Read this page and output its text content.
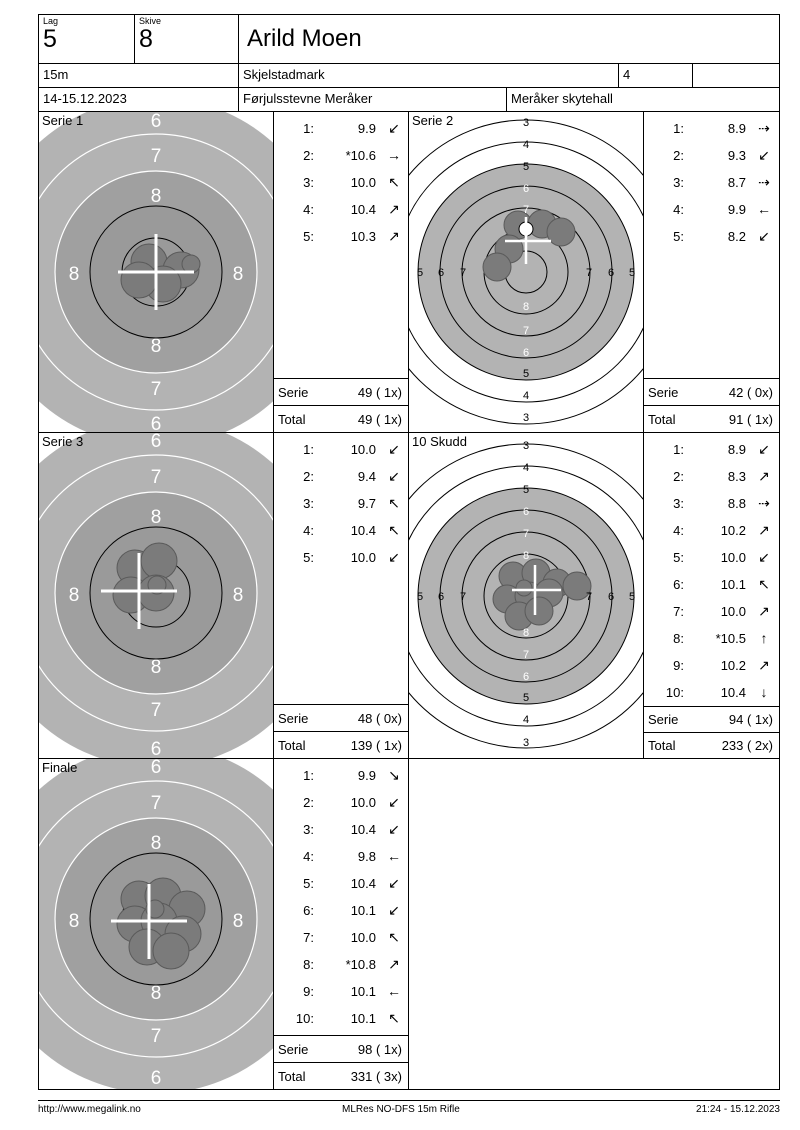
Lag
5
Skive
8	Arild Moen
15m	Skjelstadmark	4
14-15.12.2023	Førjulsstevne Meråker	Meråker skytehall
6
7
8
8	8
8
7
6
Serie 1
1:	9.9 ↙
2:	*10.6 →
3:	10.0 ↖
4:	10.4 ↗
5:	10.3 ↗
Serie	49 ( 1x)
Total	49 ( 1x)
3
4
5
6
7
8
8
7
6
5
4
3
5 6 7	7 6 5
Serie 2
1:	8.9 ⇢
2:	9.3 ↙
3:	8.7 ⇢
4:	9.9 ←
5:	8.2 ↙
Serie	42 ( 0x)
Total	91 ( 1x)
6
7
8
8	8
8
7
6
Serie 3
1:	10.0 ↙
2:	9.4 ↙
3:	9.7 ↖
4:	10.4 ↖
5:	10.0 ↙
Serie	48 ( 0x)
Total	139 ( 1x)
3
4
5
6
7
8
8
7
6
5
4
3
5 6 7	7 6 5
10 Skudd
1:	8.9 ↙
2:	8.3 ↗
3:	8.8 ⇢
4:	10.2 ↗
5:	10.0 ↙
6:	10.1 ↖
7:	10.0 ↗
8:	*10.5	↑
9:	10.2 ↗
10:	10.4	↓
Serie	94 ( 1x)
Total	233 ( 2x)
6
7
8
8	8
8
7
6
Finale
1:	9.9 ↘
2:	10.0 ↙
3:	10.4 ↙
4:	9.8 ←
5:	10.4 ↙
6:	10.1 ↙
7:	10.0 ↖
8:	*10.8 ↗
9:	10.1 ←
10:	10.1 ↖
Serie	98 ( 1x)
Total	331 ( 3x)
http://www.megalink.no	MLRes NO-DFS 15m Rifle	21:24 - 15.12.2023
